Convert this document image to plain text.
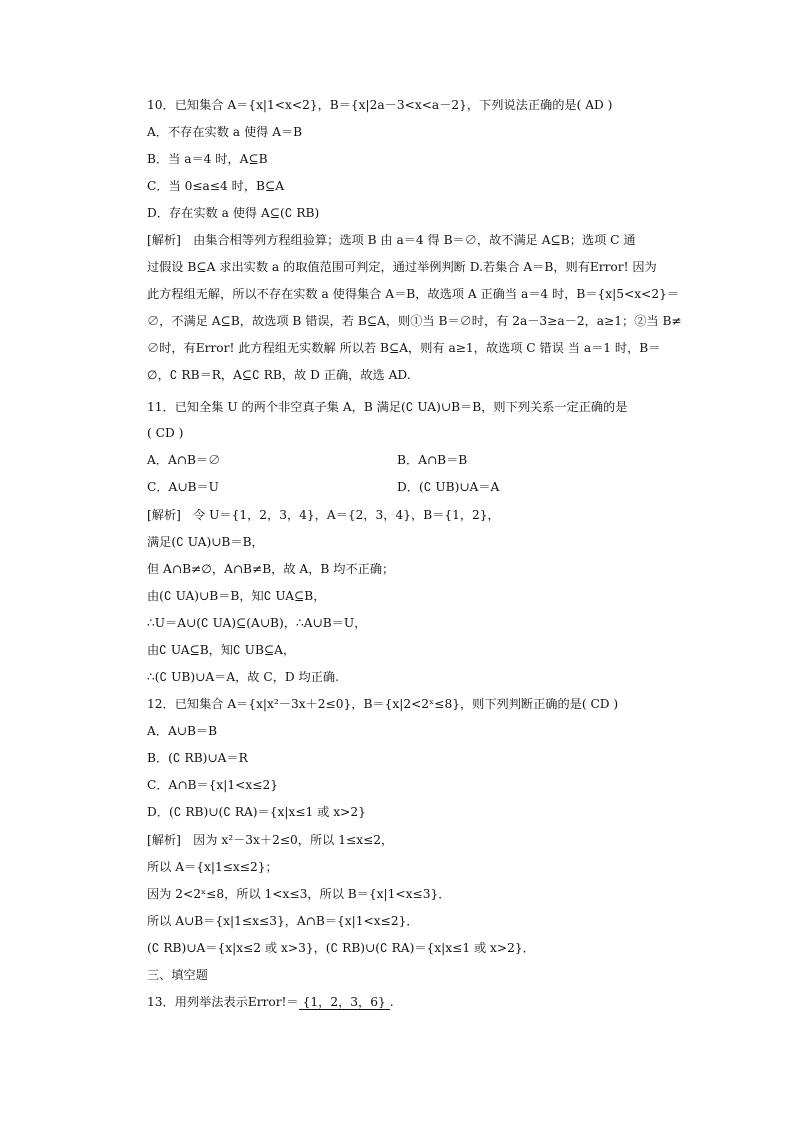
10．已知集合 A＝{x|1<x<2}，B＝{x|2a－3<x<a－2}，下列说法正确的是( AD )
A．不存在实数 a 使得 A＝B
B．当 a＝4 时，A⊆B
C．当 0≤a≤4 时，B⊆A
D．存在实数 a 使得 A⊆(∁ RB)
[解析]　由集合相等列方程组验算；选项 B 由 a＝4 得 B＝∅，故不满足 A⊆B；选项 C 通
过假设 B⊆A 求出实数 a 的取值范围可判定，通过举例判断 D.若集合 A＝B，则有Error! 因为
此方程组无解，所以不存在实数 a 使得集合 A＝B，故选项 A 正确当 a＝4 时，B＝{x|5<x<2}＝
∅，不满足 A⊆B，故选项 B 错误，若 B⊆A，则①当 B＝∅时，有 2a－3≥a－2，a≥1；②当 B≠
∅时，有Error! 此方程组无实数解 所以若 B⊆A，则有 a≥1，故选项 C 错误 当 a＝1 时，B＝
∅，∁ RB＝R，A⊆∁ RB，故 D 正确，故选 AD.
11．已知全集 U 的两个非空真子集 A，B 满足(∁ UA)∪B＝B，则下列关系一定正确的是
( CD )
A．A∩B＝∅	B．A∩B＝B
C．A∪B＝U	D．(∁ UB)∪A＝A
[解析]　令 U＝{1，2，3，4}，A＝{2，3，4}，B＝{1，2}，
满足(∁ UA)∪B＝B，
但 A∩B≠∅，A∩B≠B，故 A，B 均不正确；
由(∁ UA)∪B＝B，知∁ UA⊆B，
∴U＝A∪(∁ UA)⊆(A∪B)，∴A∪B＝U，
由∁ UA⊆B，知∁ UB⊆A，
∴(∁ UB)∪A＝A，故 C，D 均正确.
12．已知集合 A＝{x|x²－3x＋2≤0}，B＝{x|2<2ˣ≤8}，则下列判断正确的是( CD )
A．A∪B＝B
B．(∁ RB)∪A＝R
C．A∩B＝{x|1<x≤2}
D．(∁ RB)∪(∁ RA)＝{x|x≤1 或 x>2}
[解析]　因为 x²－3x＋2≤0，所以 1≤x≤2，
所以 A＝{x|1≤x≤2}；
因为 2<2ˣ≤8，所以 1<x≤3，所以 B＝{x|1<x≤3}．
所以 A∪B＝{x|1≤x≤3}，A∩B＝{x|1<x≤2}．
(∁ RB)∪A＝{x|x≤2 或 x>3}，(∁ RB)∪(∁ RA)＝{x|x≤1 或 x>2}．
三、填空题
13．用列举法表示Error!＝ {1，2，3，6} .
